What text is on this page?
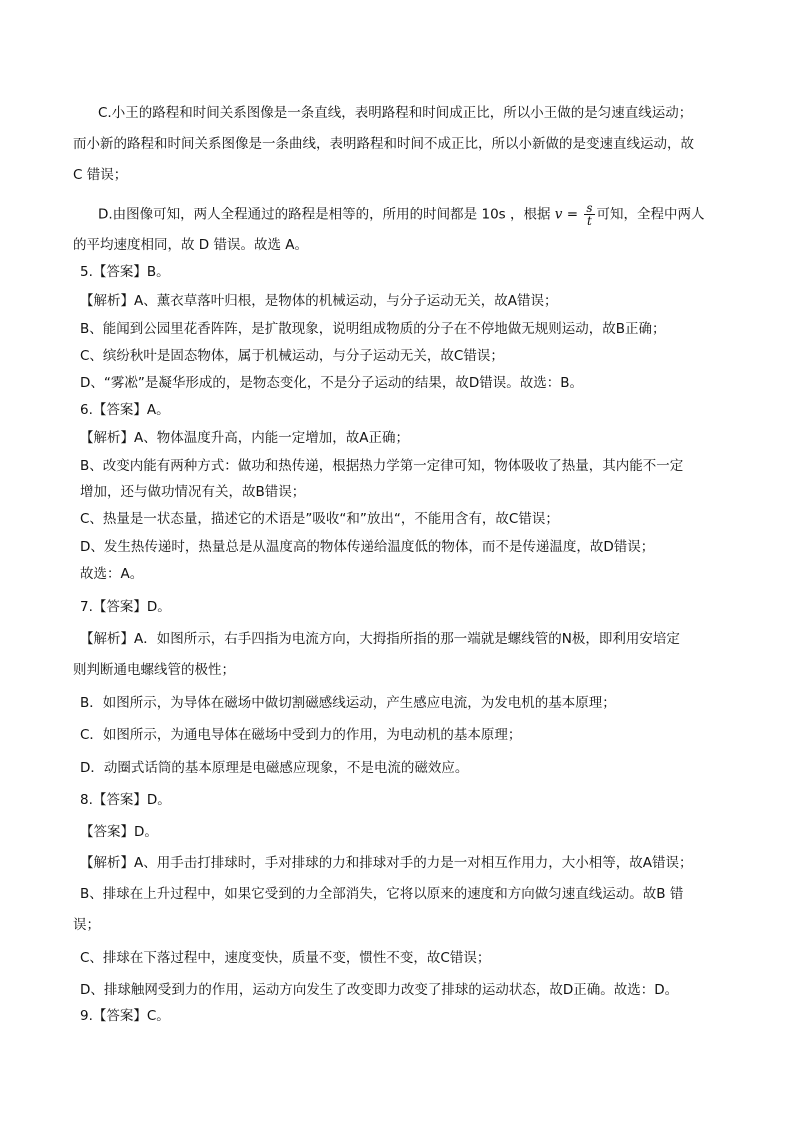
C.小王的路程和时间关系图像是一条直线，表明路程和时间成正比，所以小王做的是匀速直线运动；
而小新的路程和时间关系图像是一条曲线，表明路程和时间不成正比，所以小新做的是变速直线运动，故
C 错误；
D.由图像可知，两人全程通过的路程是相等的，所用的时间都是 10s ，根据 $v = \frac{s}{t}$ 可知，全程中两人
的平均速度相同，故 D 错误。故选 A。
5.【答案】B。
【解析】A、薰衣草落叶归根，是物体的机械运动，与分子运动无关，故A错误；
B、能闻到公园里花香阵阵，是扩散现象，说明组成物质的分子在不停地做无规则运动，故B正确；
C、缤纷秋叶是固态物体，属于机械运动，与分子运动无关，故C错误；
D、“雾凇”是凝华形成的，是物态变化，不是分子运动的结果，故D错误。故选：B。
6.【答案】A。
【解析】A、物体温度升高，内能一定增加，故A正确；
B、改变内能有两种方式：做功和热传递，根据热力学第一定律可知，物体吸收了热量，其内能不一定
增加，还与做功情况有关，故B错误；
C、热量是一状态量，描述它的术语是”吸收“和”放出“，不能用含有，故C错误；
D、发生热传递时，热量总是从温度高的物体传递给温度低的物体，而不是传递温度，故D错误；
故选：A。
7.【答案】D。
【解析】A．如图所示，右手四指为电流方向，大拇指所指的那一端就是螺线管的N极，即利用安培定
则判断通电螺线管的极性；
B．如图所示，为导体在磁场中做切割磁感线运动，产生感应电流，为发电机的基本原理；
C．如图所示，为通电导体在磁场中受到力的作用，为电动机的基本原理；
D．动圈式话筒的基本原理是电磁感应现象，不是电流的磁效应。
8.【答案】D。
【答案】D。
【解析】A、用手击打排球时，手对排球的力和排球对手的力是一对相互作用力，大小相等，故A错误；
B、排球在上升过程中，如果它受到的力全部消失，它将以原来的速度和方向做匀速直线运动。故B 错
误；
C、排球在下落过程中，速度变快，质量不变，惯性不变，故C错误；
D、排球触网受到力的作用，运动方向发生了改变即力改变了排球的运动状态，故D正确。故选：D。
9.【答案】C。
